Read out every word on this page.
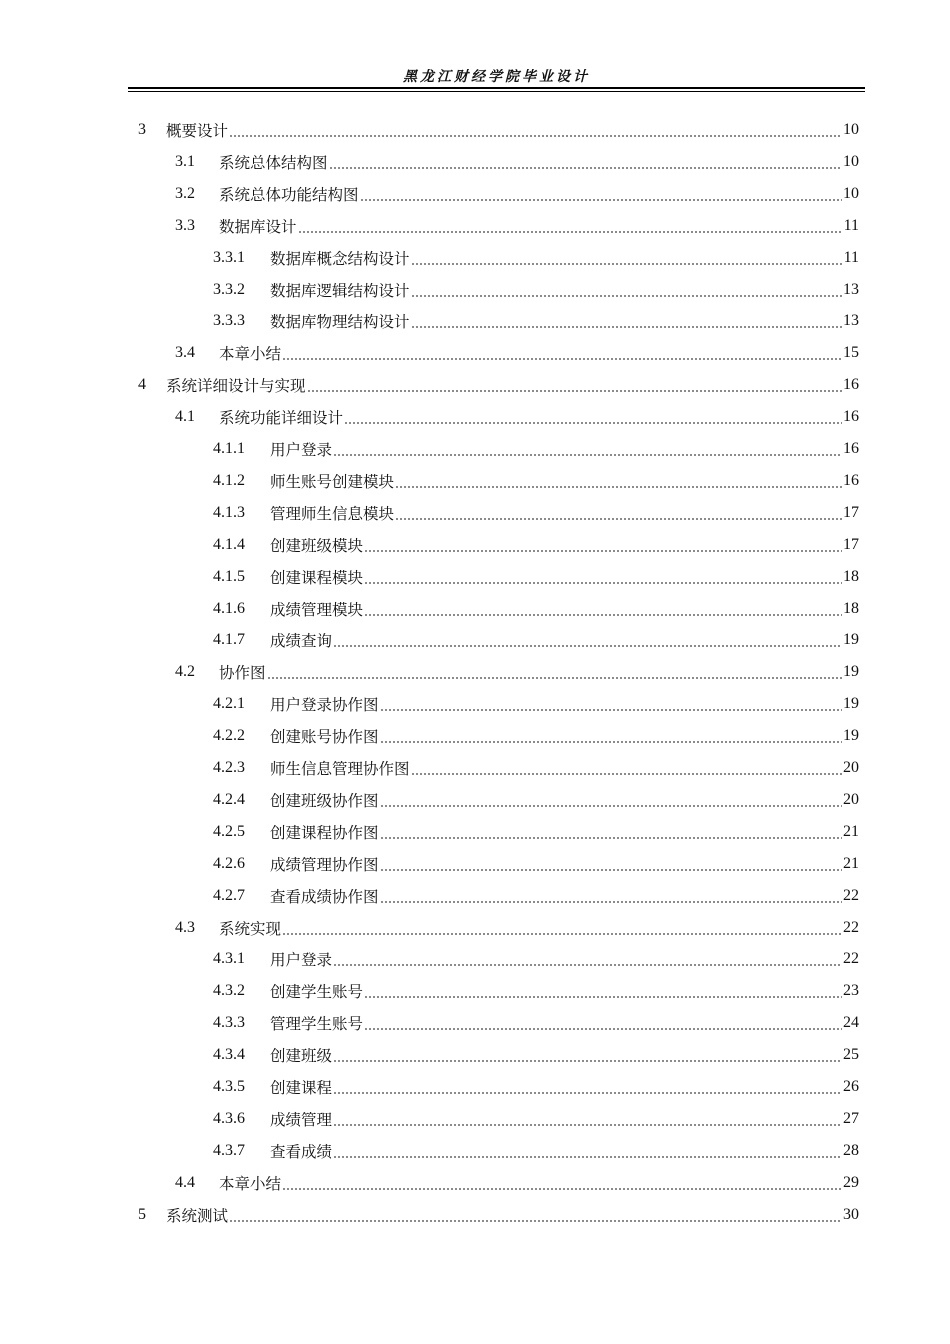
黑龙江财经学院毕业设计
3	概要设计	10
3.1	系统总体结构图	10
3.2	系统总体功能结构图	10
3.3	数据库设计	11
3.3.1	数据库概念结构设计	11
3.3.2	数据库逻辑结构设计	13
3.3.3	数据库物理结构设计	13
3.4	本章小结	15
4	系统详细设计与实现	16
4.1	系统功能详细设计	16
4.1.1	用户登录	16
4.1.2	师生账号创建模块	16
4.1.3	管理师生信息模块	17
4.1.4	创建班级模块	17
4.1.5	创建课程模块	18
4.1.6	成绩管理模块	18
4.1.7	成绩查询	19
4.2	协作图	19
4.2.1	用户登录协作图	19
4.2.2	创建账号协作图	19
4.2.3	师生信息管理协作图	20
4.2.4	创建班级协作图	20
4.2.5	创建课程协作图	21
4.2.6	成绩管理协作图	21
4.2.7	查看成绩协作图	22
4.3	系统实现	22
4.3.1	用户登录	22
4.3.2	创建学生账号	23
4.3.3	管理学生账号	24
4.3.4	创建班级	25
4.3.5	创建课程	26
4.3.6	成绩管理	27
4.3.7	查看成绩	28
4.4	本章小结	29
5	系统测试	30
